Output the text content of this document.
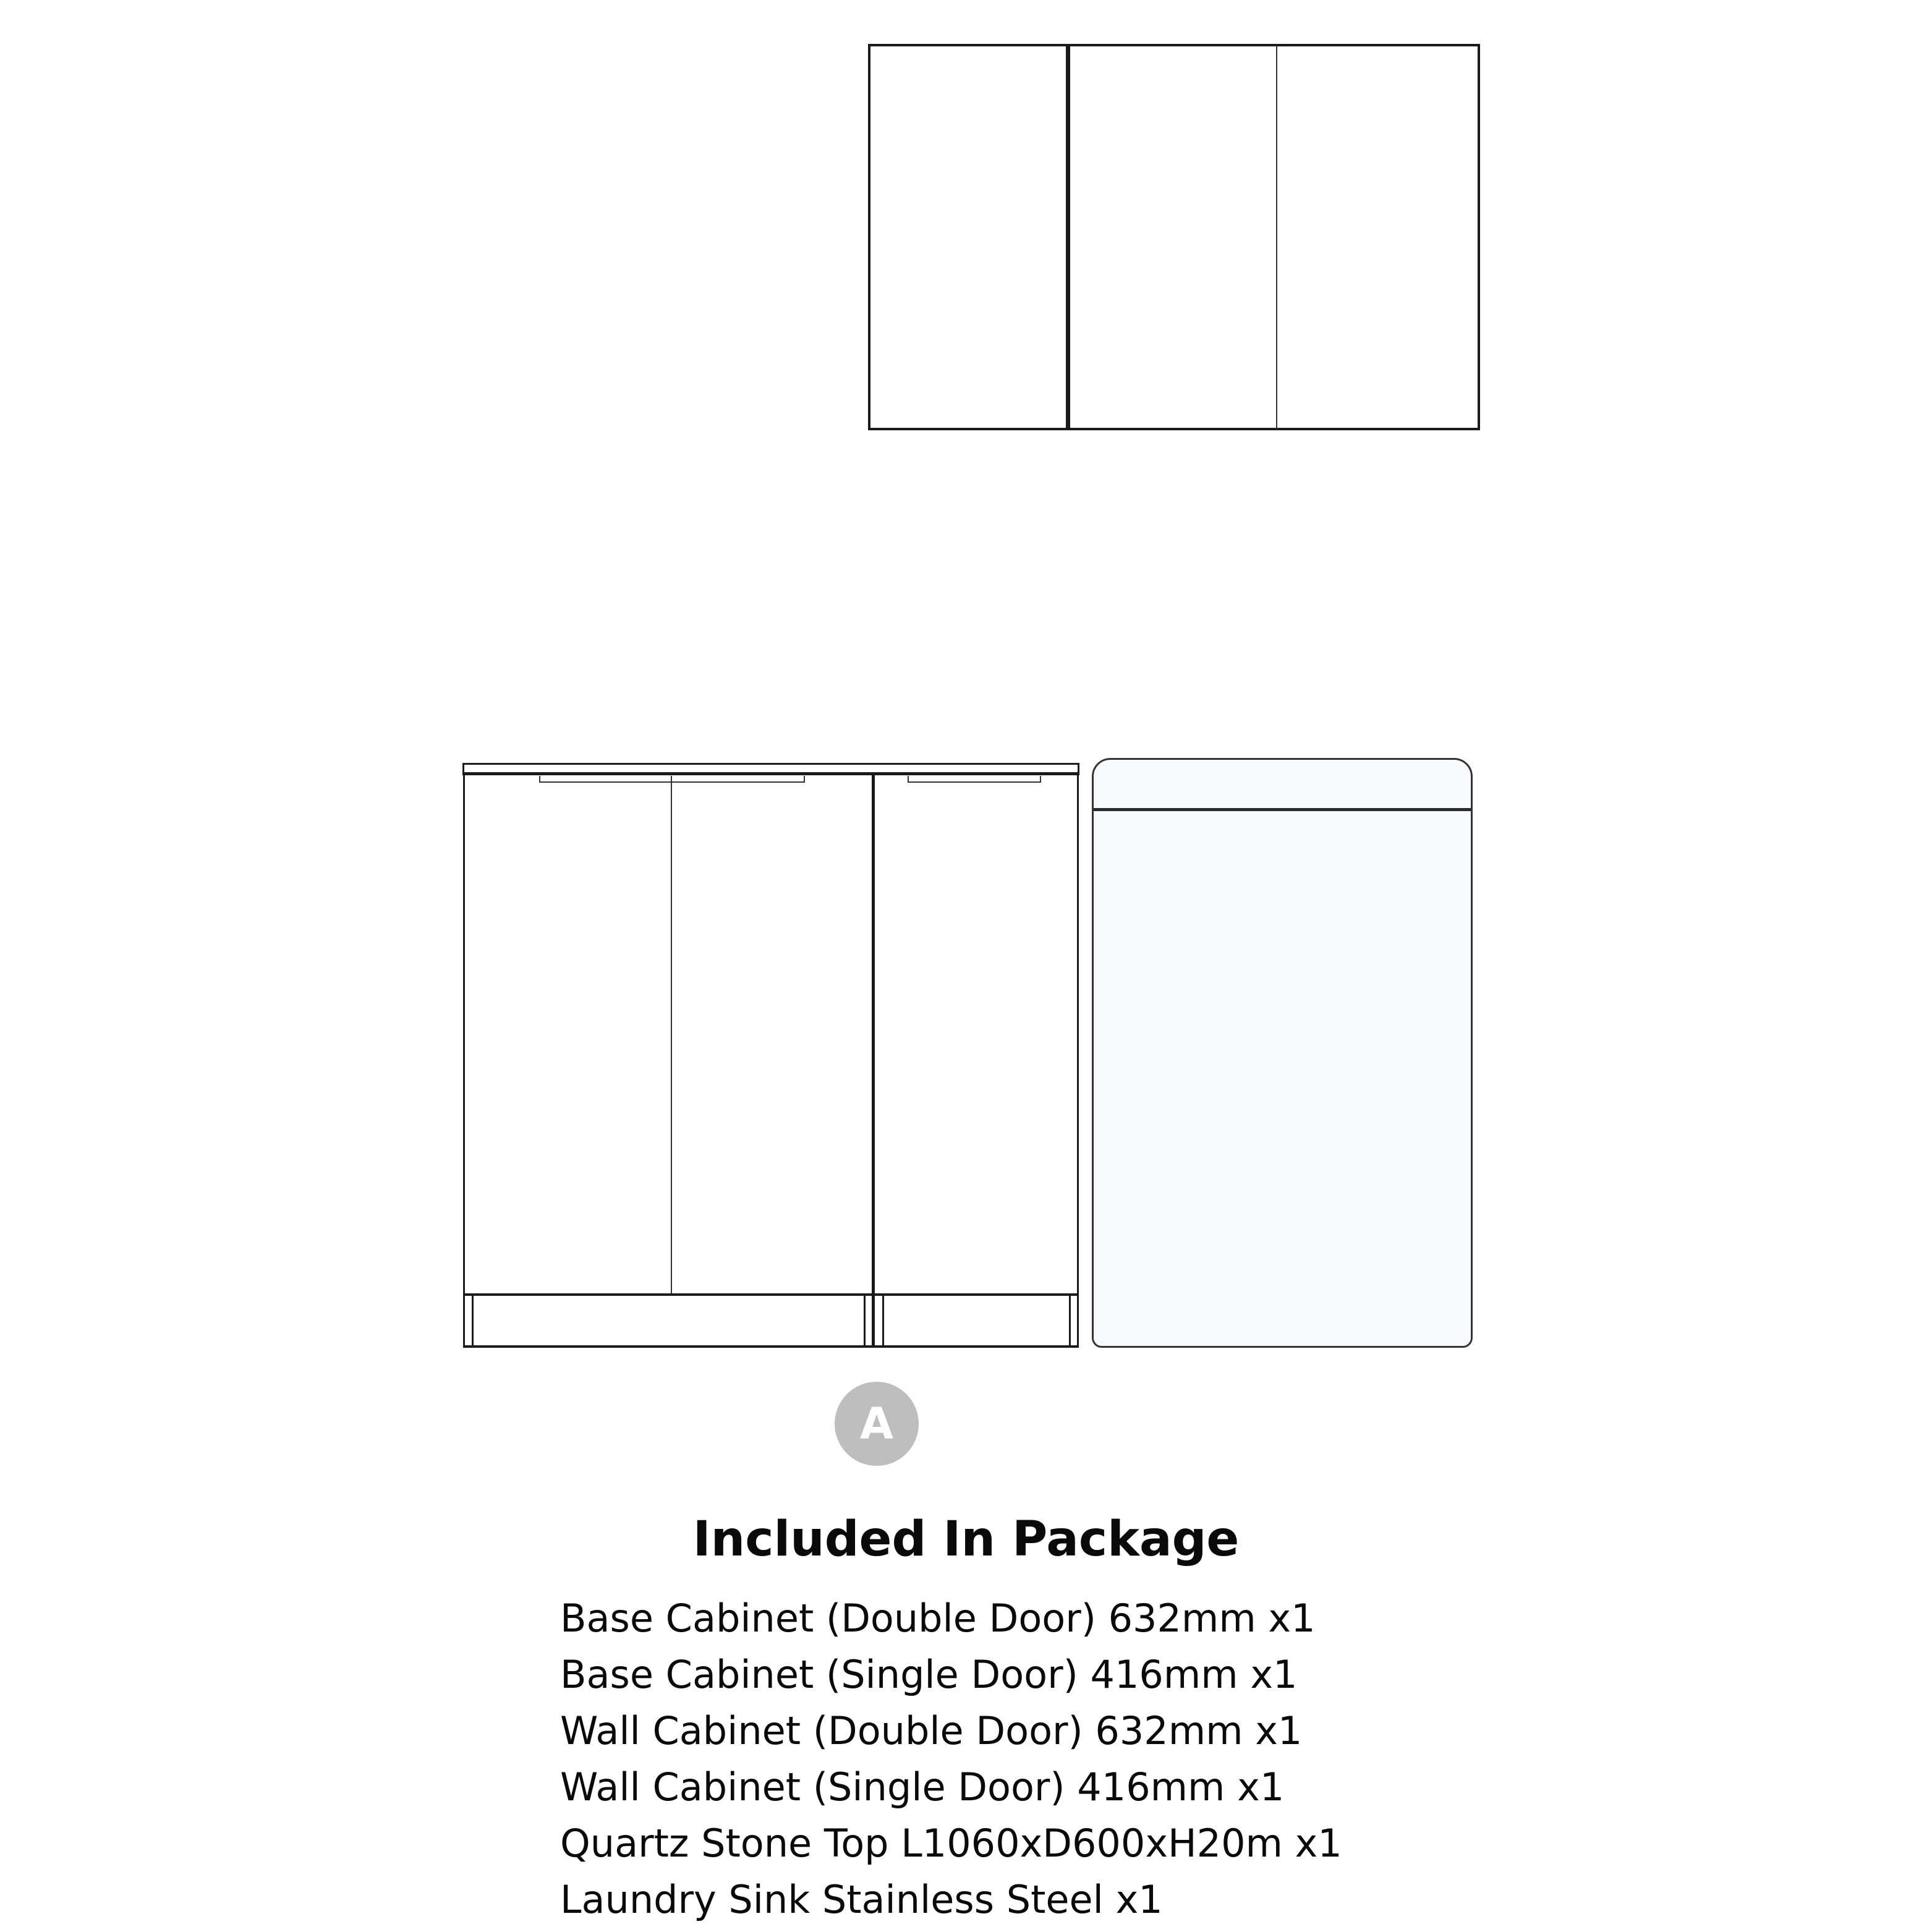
A
Included In Package
Base Cabinet (Double Door) 632mm x1
Base Cabinet (Single Door) 416mm x1
Wall Cabinet (Double Door) 632mm x1
Wall Cabinet (Single Door) 416mm x1
Quartz Stone Top L1060xD600xH20m x1
Laundry Sink Stainless Steel x1
